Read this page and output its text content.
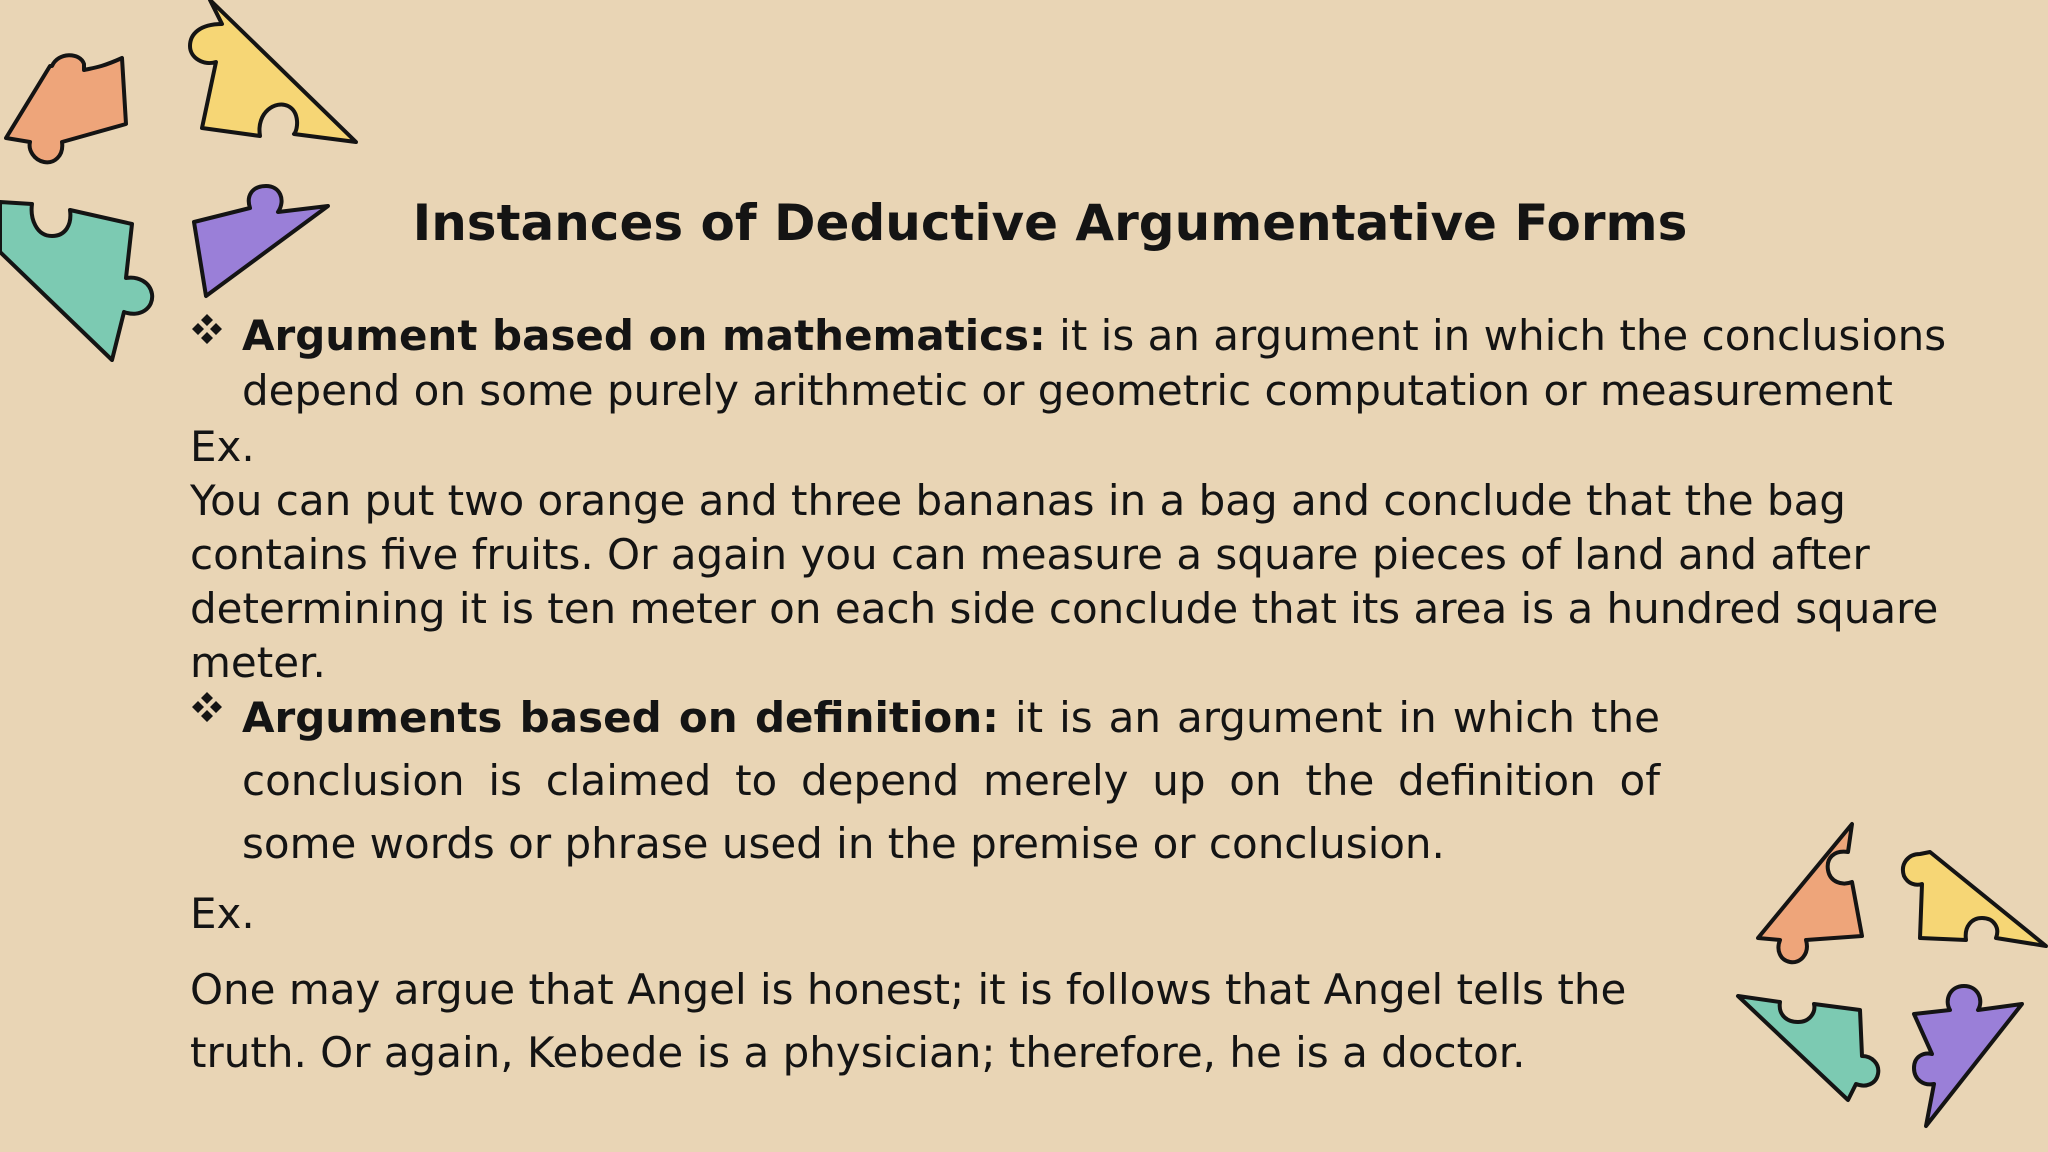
Instances of Deductive Argumentative Forms

Argument based on mathematics: it is an argument in which the conclusions depend on some purely arithmetic or geometric computation or measurement

Ex.

You can put two orange and three bananas in a bag and conclude that the bag contains five fruits. Or again you can measure a square pieces of land and after determining it is ten meter on each side conclude that its area is a hundred square meter.

Arguments based on definition: it is an argument in which the conclusion is claimed to depend merely up on the definition of some words or phrase used in the premise or conclusion.

Ex.

One may argue that Angel is honest; it is follows that Angel tells the truth. Or again, Kebede is a physician; therefore, he is a doctor.
